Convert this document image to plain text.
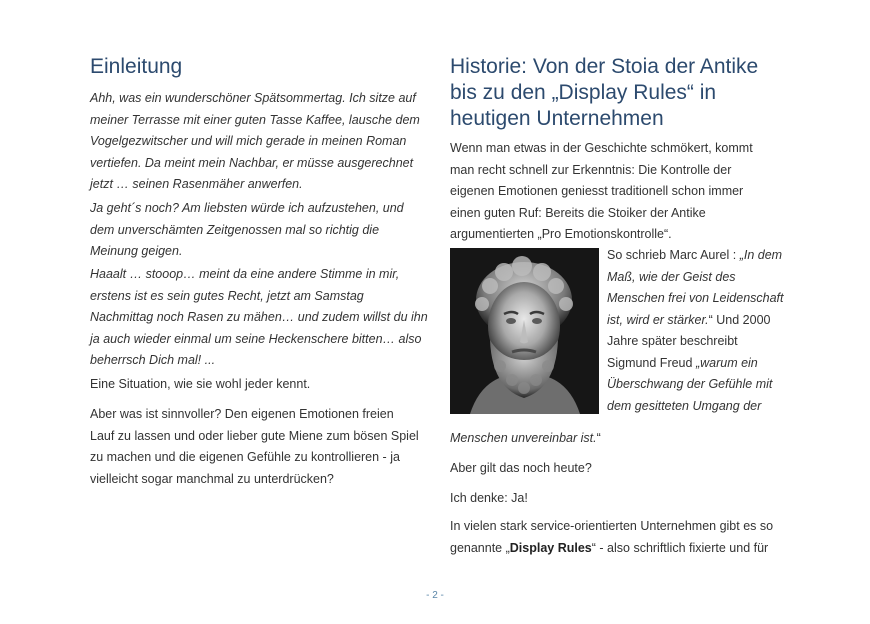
Einleitung

Ahh, was ein wunderschöner Spätsommertag. Ich sitze auf meiner Terrasse mit einer guten Tasse Kaffee, lausche dem Vogelgezwitscher und will mich gerade in meinen Roman vertiefen. Da meint mein Nachbar, er müsse ausgerechnet jetzt … seinen Rasenmäher anwerfen.

Ja geht´s noch? Am liebsten würde ich aufzustehen, und dem unverschämten Zeitgenossen mal so richtig die Meinung geigen.

Haaalt … stooop… meint da eine andere Stimme in mir, erstens ist es sein gutes Recht, jetzt am Samstag Nachmittag noch Rasen zu mähen… und zudem willst du ihn ja auch wieder einmal um seine Heckenschere bitten… also beherrsch Dich mal! ...

Eine Situation, wie sie wohl jeder kennt.

Aber was ist sinnvoller? Den eigenen Emotionen freien Lauf zu lassen und oder lieber gute Miene zum bösen Spiel zu machen und die eigenen Gefühle zu kontrollieren - ja vielleicht sogar manchmal zu unterdrücken?

Historie: Von der Stoia der Antike bis zu den „Display Rules“ in heutigen Unternehmen

Wenn man etwas in der Geschichte schmökert, kommt man recht schnell zur Erkenntnis: Die Kontrolle der eigenen Emotionen geniesst traditionell schon immer einen guten Ruf: Bereits die Stoiker der Antike argumentierten „Pro Emotionskontrolle“.

So schrieb Marc Aurel : „In dem Maß, wie der Geist des Menschen frei von Leidenschaft ist, wird er stärker.“ Und 2000 Jahre später beschreibt Sigmund Freud „warum ein Überschwang der Gefühle mit dem gesitteten Umgang der

Menschen unvereinbar ist.“

Aber gilt das noch heute?

Ich denke: Ja!

In vielen stark service-orientierten Unternehmen gibt es so genannte „Display Rules“ - also schriftlich fixierte und für

- 2 -
